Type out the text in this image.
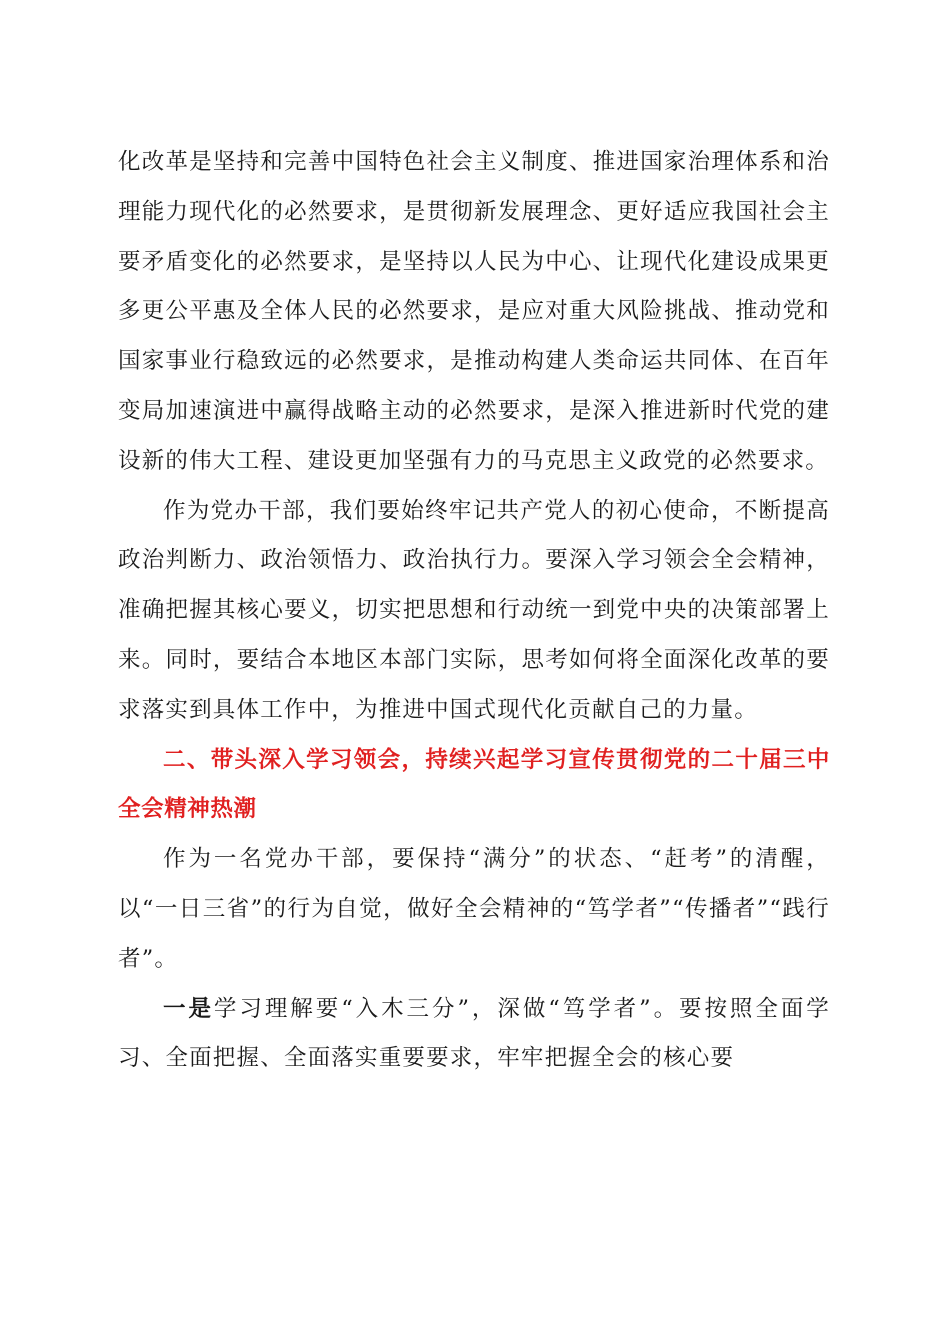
化改革是坚持和完善中国特色社会主义制度、推进国家治理体系和治理能力现代化的必然要求，是贯彻新发展理念、更好适应我国社会主要矛盾变化的必然要求，是坚持以人民为中心、让现代化建设成果更多更公平惠及全体人民的必然要求，是应对重大风险挑战、推动党和国家事业行稳致远的必然要求，是推动构建人类命运共同体、在百年变局加速演进中赢得战略主动的必然要求，是深入推进新时代党的建设新的伟大工程、建设更加坚强有力的马克思主义政党的必然要求。

作为党办干部，我们要始终牢记共产党人的初心使命，不断提高政治判断力、政治领悟力、政治执行力。要深入学习领会全会精神，准确把握其核心要义，切实把思想和行动统一到党中央的决策部署上来。同时，要结合本地区本部门实际，思考如何将全面深化改革的要求落实到具体工作中，为推进中国式现代化贡献自己的力量。

二、带头深入学习领会，持续兴起学习宣传贯彻党的二十届三中全会精神热潮

作为一名党办干部，要保持“满分”的状态、“赶考”的清醒，以“一日三省”的行为自觉，做好全会精神的“笃学者”“传播者”“践行者”。

一是学习理解要“入木三分”，深做“笃学者”。要按照全面学习、全面把握、全面落实重要要求，牢牢把握全会的核心要
